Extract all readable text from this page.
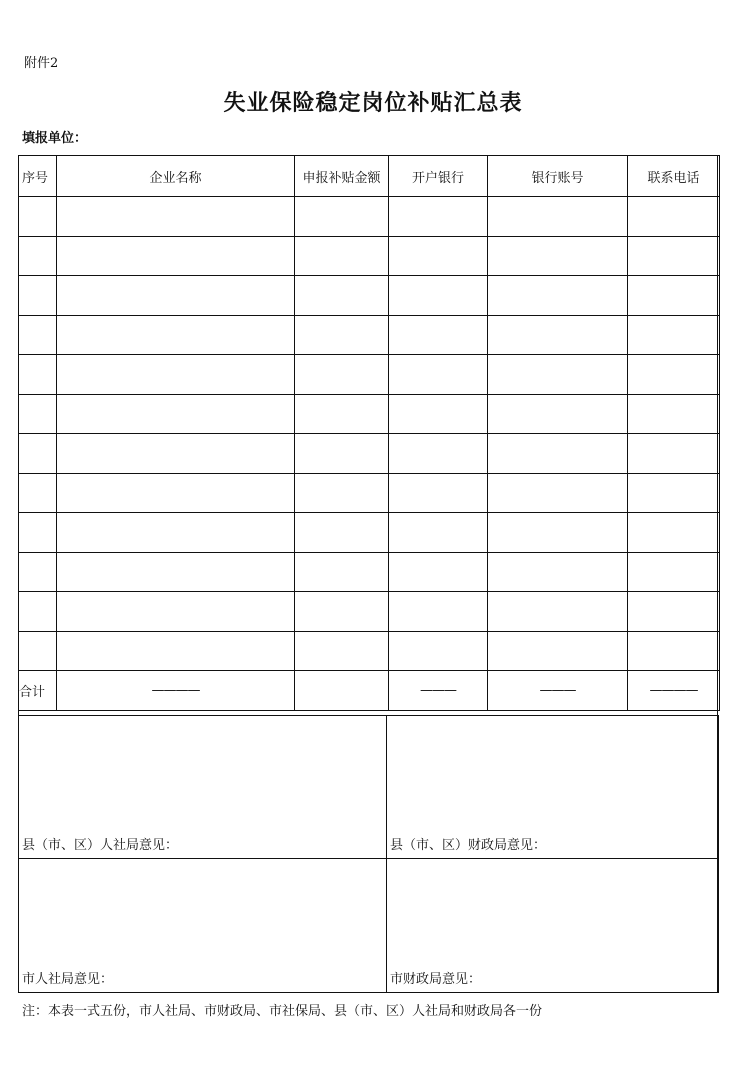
附件2
失业保险稳定岗位补贴汇总表
填报单位：
序号	企业名称	申报补贴金额	开户银行	银行账号	联系电话

合计	————		———	———	————
县（市、区）人社局意见：	县（市、区）财政局意见：
市人社局意见：	市财政局意见：
注：本表一式五份，市人社局、市财政局、市社保局、县（市、区）人社局和财政局各一份
